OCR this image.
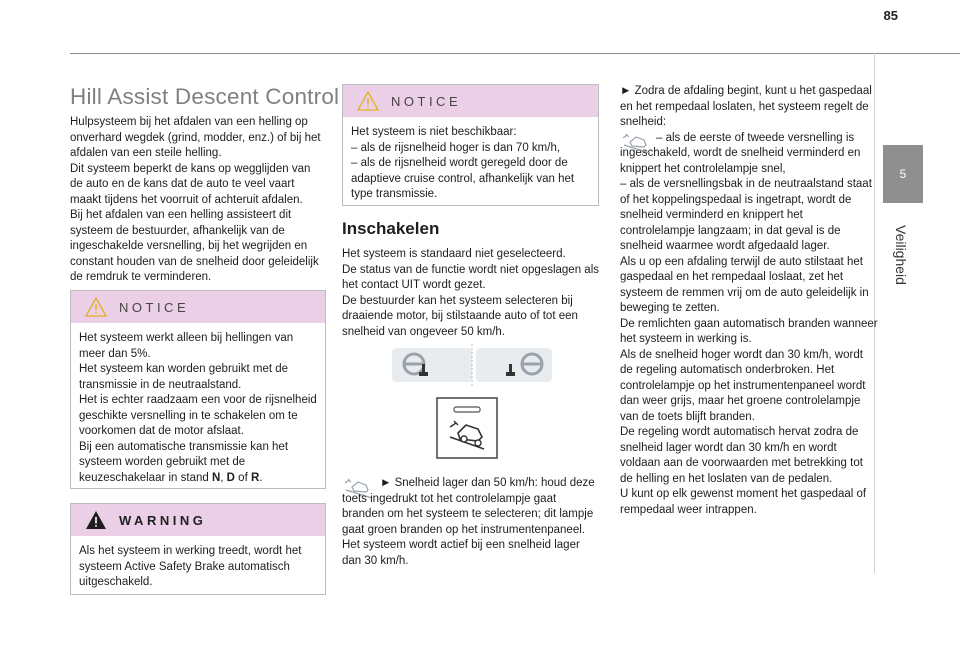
85
5
Veiligheid
Hill Assist Descent Control

Hulpsysteem bij het afdalen van een helling op onverhard wegdek (grind, modder, enz.) of bij het afdalen van een steile helling.

Dit systeem beperkt de kans op wegglijden van de auto en de kans dat de auto te veel vaart maakt tijdens het voorruit of achteruit afdalen.

Bij het afdalen van een helling assisteert dit systeem de bestuurder, afhankelijk van de ingeschakelde versnelling, bij het wegrijden en constant houden van de snelheid door geleidelijk de remdruk te verminderen.

NOTICE

Het systeem werkt alleen bij hellingen van meer dan 5%.

Het systeem kan worden gebruikt met de transmissie in de neutraalstand.

Het is echter raadzaam een voor de rijsnelheid geschikte versnelling in te schakelen om te voorkomen dat de motor afslaat.

Bij een automatische transmissie kan het systeem worden gebruikt met de keuzeschakelaar in stand N, D of R.

WARNING
Als het systeem in werking treedt, wordt het systeem Active Safety Brake automatisch uitgeschakeld.
NOTICE

Het systeem is niet beschikbaar:

– als de rijsnelheid hoger is dan 70 km/h,

– als de rijsnelheid wordt geregeld door de adaptieve cruise control, afhankelijk van het type transmissie.

Inschakelen

Het systeem is standaard niet geselecteerd.

De status van de functie wordt niet opgeslagen als het contact UIT wordt gezet.

De bestuurder kan het systeem selecteren bij draaiende motor, bij stilstaande auto of tot een snelheid van ongeveer 50 km/h.

► Snelheid lager dan 50 km/h: houd deze toets ingedrukt tot het controlelampje gaat branden om het systeem te selecteren; dit lampje gaat groen branden op het instrumentenpaneel.

Het systeem wordt actief bij een snelheid lager dan 30 km/h.

► Zodra de afdaling begint, kunt u het gaspedaal en het rempedaal loslaten, het systeem regelt de snelheid:

– als de eerste of tweede versnelling is ingeschakeld, wordt de snelheid verminderd en knippert het controlelampje snel,

– als de versnellingsbak in de neutraalstand staat of het koppelingspedaal is ingetrapt, wordt de snelheid verminderd en knippert het controlelampje langzaam; in dat geval is de snelheid waarmee wordt afgedaald lager.

Als u op een afdaling terwijl de auto stilstaat het gaspedaal en het rempedaal loslaat, zet het systeem de remmen vrij om de auto geleidelijk in beweging te zetten.

De remlichten gaan automatisch branden wanneer het systeem in werking is.

Als de snelheid hoger wordt dan 30 km/h, wordt de regeling automatisch onderbroken. Het controlelampje op het instrumentenpaneel wordt dan weer grijs, maar het groene controlelampje van de toets blijft branden.

De regeling wordt automatisch hervat zodra de snelheid lager wordt dan 30 km/h en wordt voldaan aan de voorwaarden met betrekking tot de helling en het loslaten van de pedalen.

U kunt op elk gewenst moment het gaspedaal of rempedaal weer intrappen.
